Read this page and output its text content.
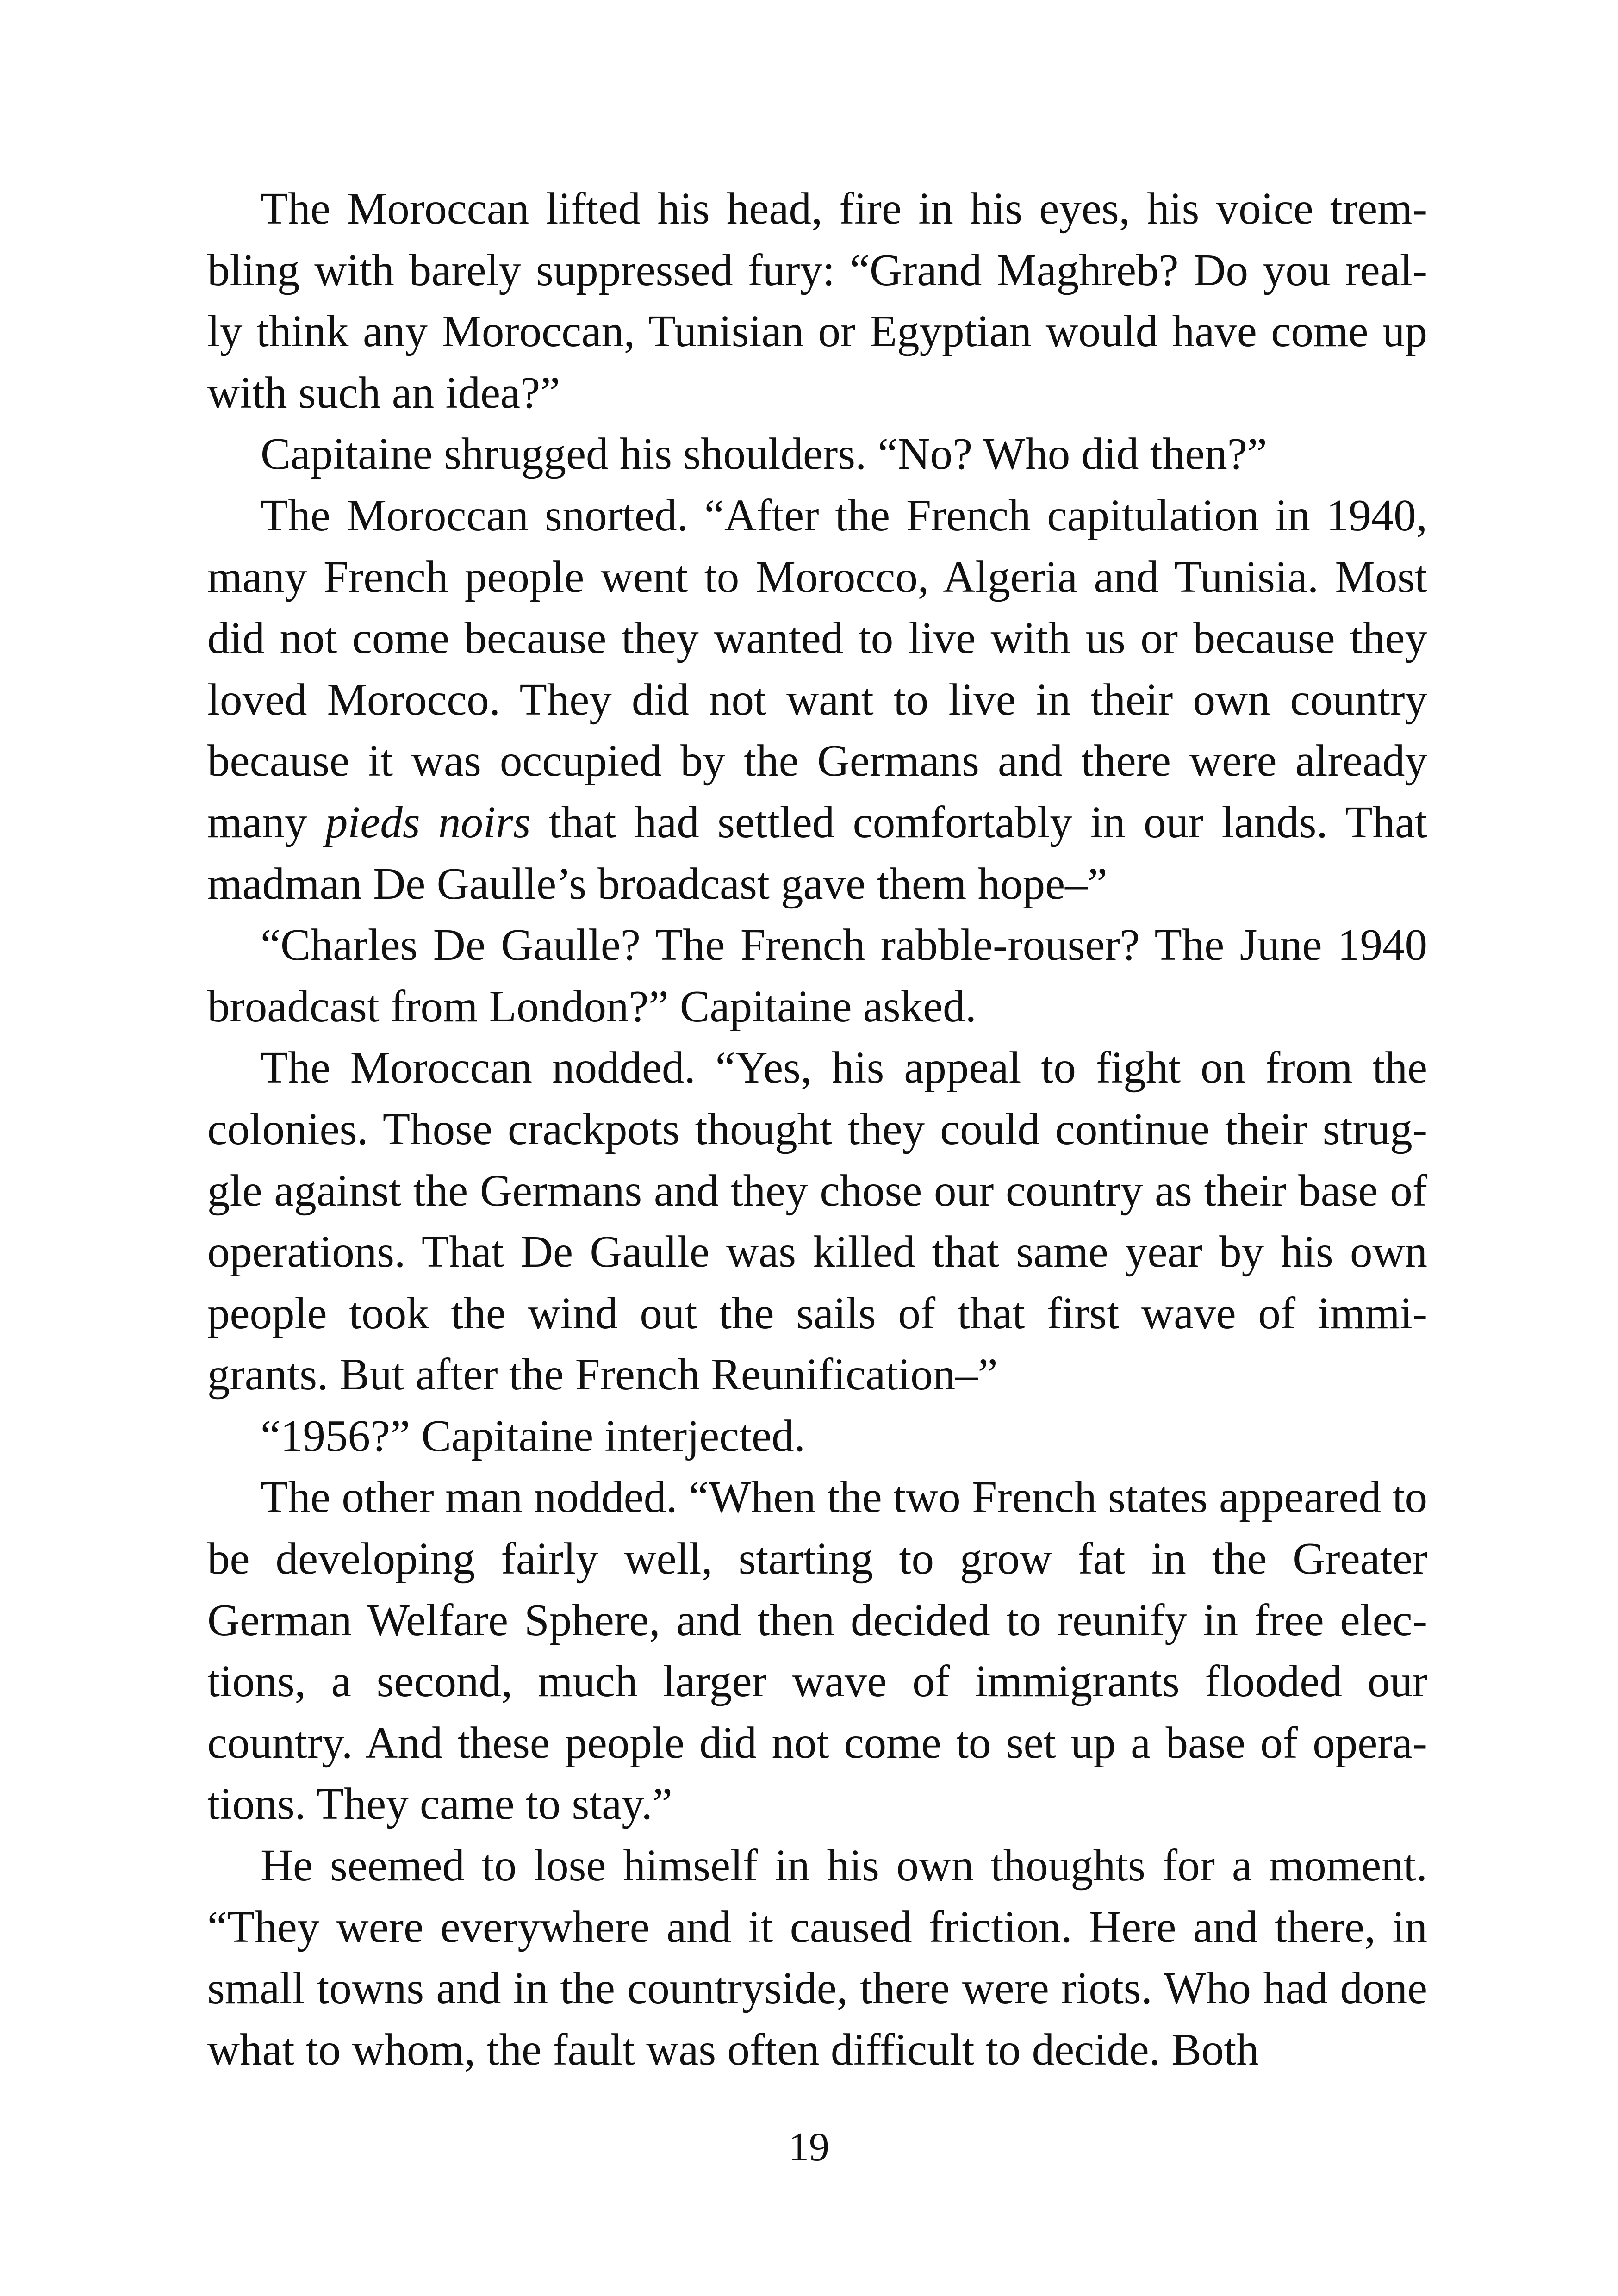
The Moroccan lifted his head, fire in his eyes, his voice trem- bling with barely suppressed fury: “Grand Maghreb? Do you real- ly think any Moroccan, Tunisian or Egyptian would have come up with such an idea?”

Capitaine shrugged his shoulders. “No? Who did then?”

The Moroccan snorted. “After the French capitulation in 1940, many French people went to Morocco, Algeria and Tunisia. Most did not come because they wanted to live with us or because they loved Morocco. They did not want to live in their own country because it was occupied by the Germans and there were already many pieds noirs that had settled comfortably in our lands. That madman De Gaulle’s broadcast gave them hope–”

“Charles De Gaulle? The French rabble-rouser? The June 1940 broadcast from London?” Capitaine asked.

The Moroccan nodded. “Yes, his appeal to fight on from the colonies. Those crackpots thought they could continue their strug- gle against the Germans and they chose our country as their base of operations. That De Gaulle was killed that same year by his own people took the wind out the sails of that first wave of immi- grants. But after the French Reunification–”

“1956?” Capitaine interjected.

The other man nodded. “When the two French states appeared to be developing fairly well, starting to grow fat in the Greater German Welfare Sphere, and then decided to reunify in free elec- tions, a second, much larger wave of immigrants flooded our country. And these people did not come to set up a base of opera- tions. They came to stay.”

He seemed to lose himself in his own thoughts for a moment. “They were everywhere and it caused friction. Here and there, in small towns and in the countryside, there were riots. Who had done what to whom, the fault was often difficult to decide. Both

19
